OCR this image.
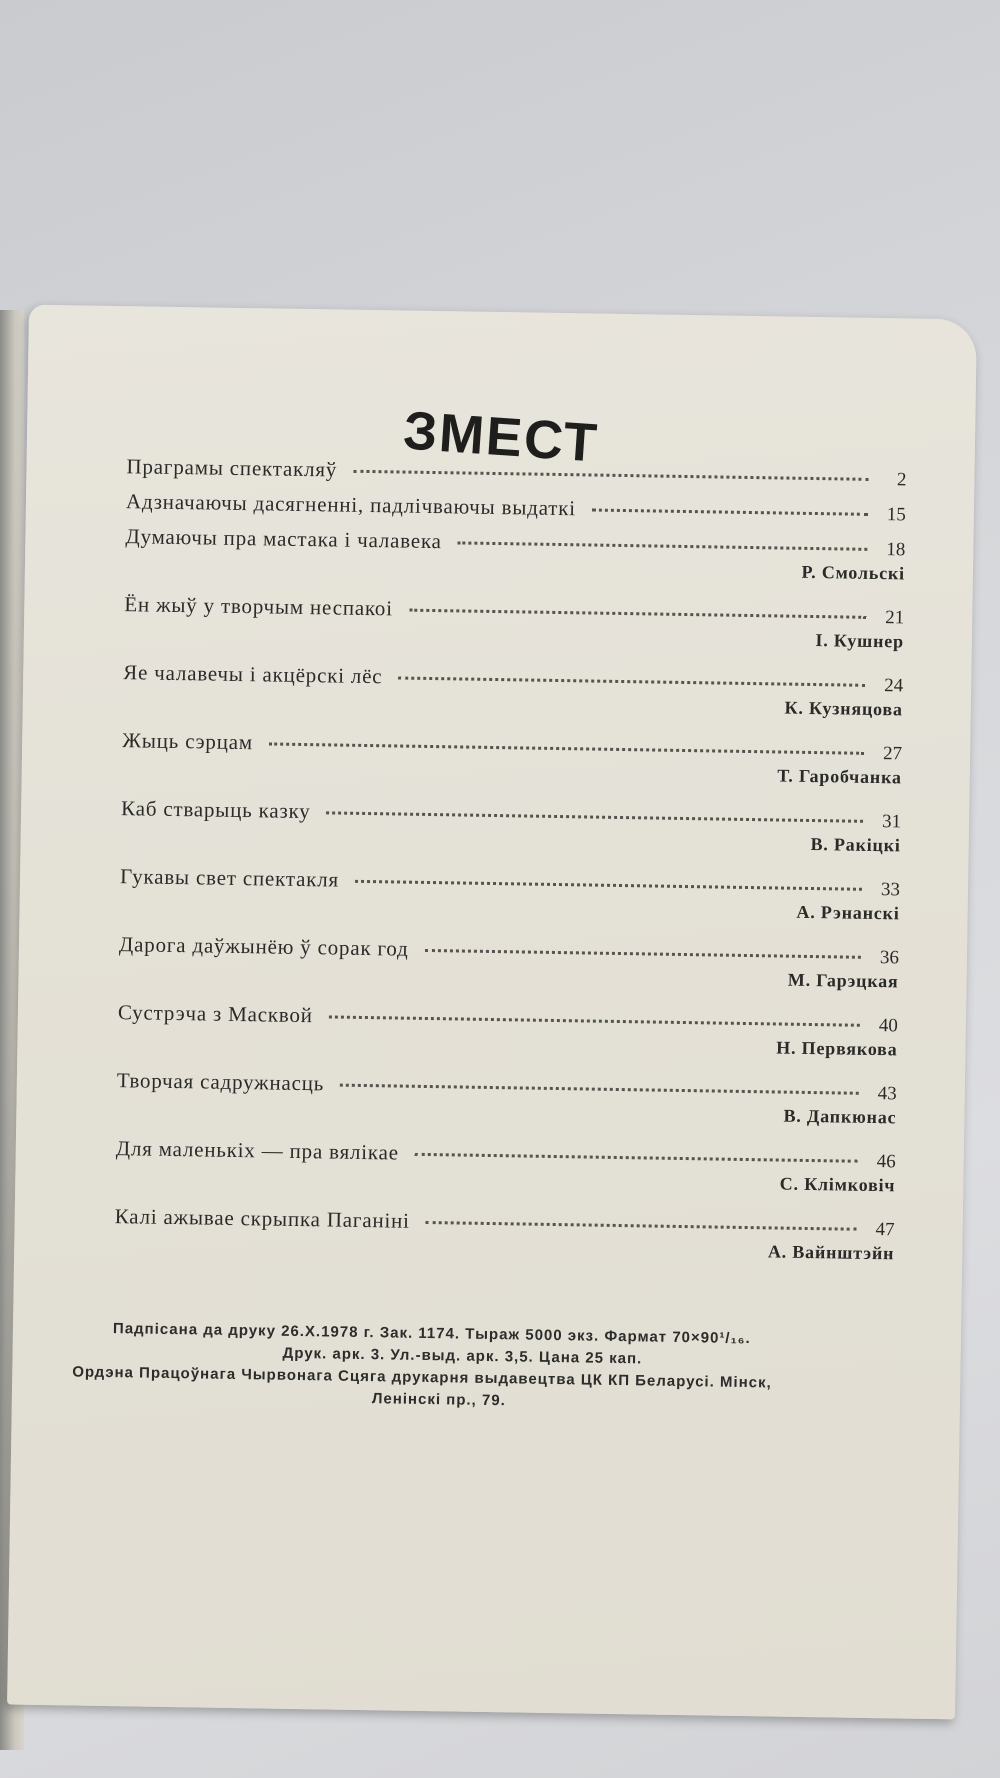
ЗМЕСТ
Праграмы спектакляў	2
Адзначаючы дасягненні, падлічваючы выдаткі	15
Думаючы пра мастака і чалавека	18
Р. Смольскі
Ён жыў у творчым неспакоі	21
І. Кушнер
Яе чалавечы і акцёрскі лёс	24
К. Кузняцова
Жыць сэрцам	27
Т. Гаробчанка
Каб стварыць казку	31
В. Ракіцкі
Гукавы свет спектакля	33
А. Рэнанскі
Дарога даўжынёю ў сорак год	36
М. Гарэцкая
Сустрэча з Масквой	40
Н. Первякова
Творчая садружнасць	43
В. Дапкюнас
Для маленькіх — пра вялікае	46
С. Клімковіч
Калі ажывае скрыпка Паганіні	47
А. Вайнштэйн
Падпісана да друку 26.X.1978 г. Зак. 1174. Тыраж 5000 экз. Фармат 70×90¹/₁₆.
Друк. арк. 3. Ул.-выд. арк. 3,5. Цана 25 кап.
Ордэна Працоўнага Чырвонага Сцяга друкарня выдавецтва ЦК КП Беларусі. Мінск,
Ленінскі пр., 79.
